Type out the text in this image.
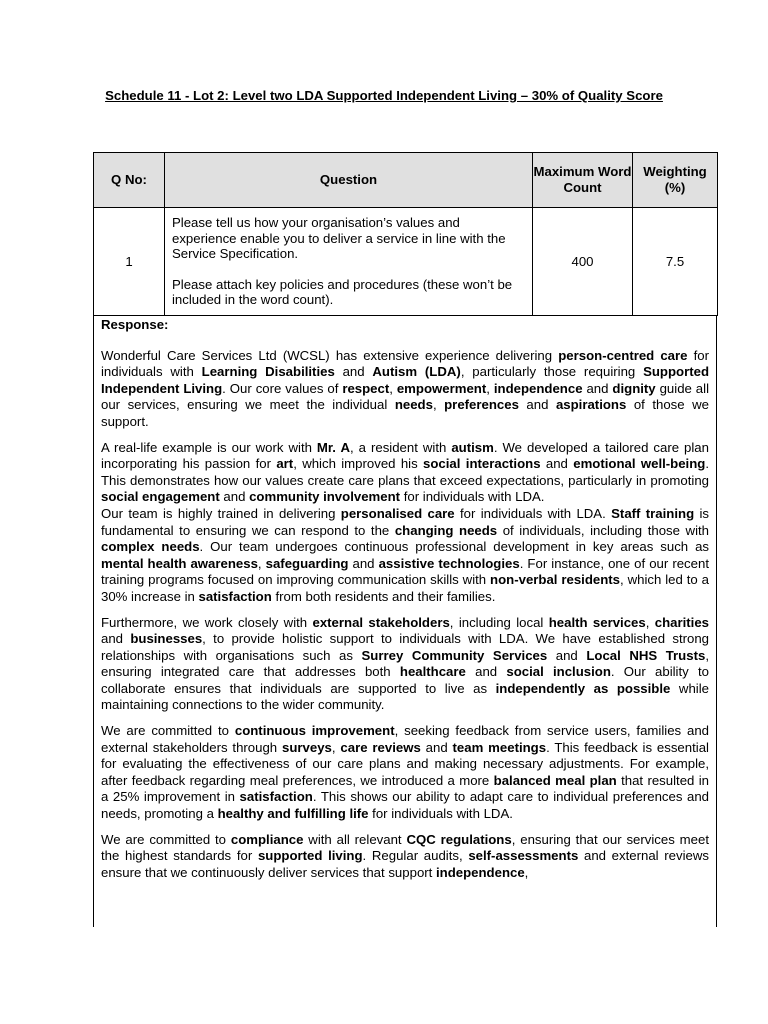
Schedule 11 - Lot 2: Level two LDA Supported Independent Living – 30% of Quality Score
Q No:	Question	Maximum Word Count	Weighting (%)
1	Please tell us how your organisation’s values and experience enable you to deliver a service in line with the Service Specification.

Please attach key policies and procedures (these won’t be included in the word count).	400	7.5
Response:

Wonderful Care Services Ltd (WCSL) has extensive experience delivering person-centred care for individuals with Learning Disabilities and Autism (LDA), particularly those requiring Supported Independent Living. Our core values of respect, empowerment, independence and dignity guide all our services, ensuring we meet the individual needs, preferences and aspirations of those we support.

A real-life example is our work with Mr. A, a resident with autism. We developed a tailored care plan incorporating his passion for art, which improved his social interactions and emotional well-being. This demonstrates how our values create care plans that exceed expectations, particularly in promoting social engagement and community involvement for individuals with LDA.

Our team is highly trained in delivering personalised care for individuals with LDA. Staff training is fundamental to ensuring we can respond to the changing needs of individuals, including those with complex needs. Our team undergoes continuous professional development in key areas such as mental health awareness, safeguarding and assistive technologies. For instance, one of our recent training programs focused on improving communication skills with non-verbal residents, which led to a 30% increase in satisfaction from both residents and their families.

Furthermore, we work closely with external stakeholders, including local health services, charities and businesses, to provide holistic support to individuals with LDA. We have established strong relationships with organisations such as Surrey Community Services and Local NHS Trusts, ensuring integrated care that addresses both healthcare and social inclusion. Our ability to collaborate ensures that individuals are supported to live as independently as possible while maintaining connections to the wider community.

We are committed to continuous improvement, seeking feedback from service users, families and external stakeholders through surveys, care reviews and team meetings. This feedback is essential for evaluating the effectiveness of our care plans and making necessary adjustments. For example, after feedback regarding meal preferences, we introduced a more balanced meal plan that resulted in a 25% improvement in satisfaction. This shows our ability to adapt care to individual preferences and needs, promoting a healthy and fulfilling life for individuals with LDA.

We are committed to compliance with all relevant CQC regulations, ensuring that our services meet the highest standards for supported living. Regular audits, self-assessments and external reviews ensure that we continuously deliver services that support independence,
